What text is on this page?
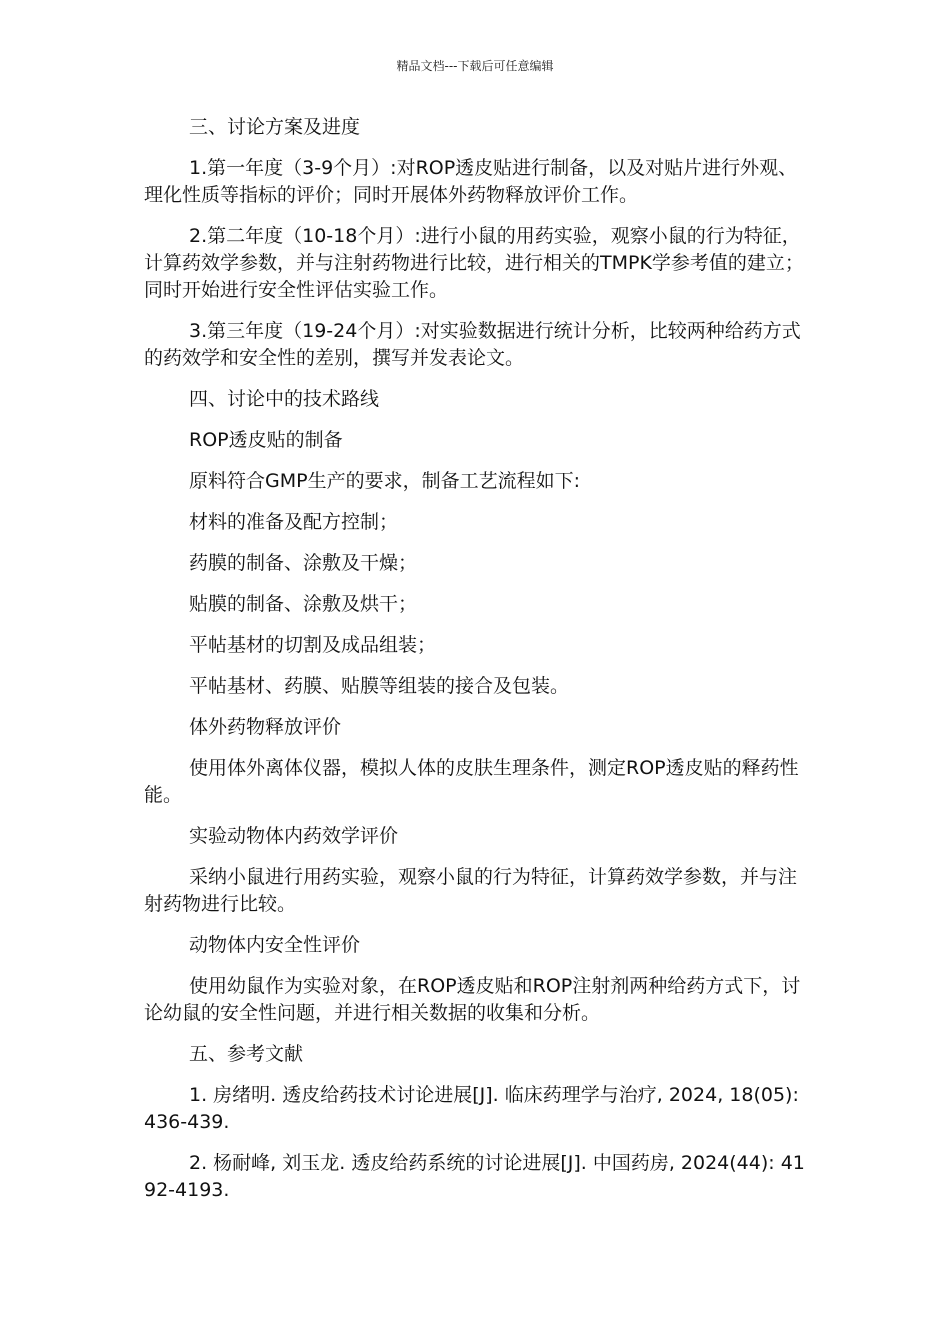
精品文档---下载后可任意编辑

三、讨论方案及进度

1.第一年度（3-9个月）:对ROP透皮贴进行制备，以及对贴片进行外观、理化性质等指标的评价；同时开展体外药物释放评价工作。

2.第二年度（10-18个月）:进行小鼠的用药实验，观察小鼠的行为特征，计算药效学参数，并与注射药物进行比较，进行相关的TMPK学参考值的建立；同时开始进行安全性评估实验工作。

3.第三年度（19-24个月）:对实验数据进行统计分析，比较两种给药方式的药效学和安全性的差别，撰写并发表论文。

四、讨论中的技术路线

ROP透皮贴的制备

原料符合GMP生产的要求，制备工艺流程如下:

材料的准备及配方控制；

药膜的制备、涂敷及干燥；

贴膜的制备、涂敷及烘干；

平帖基材的切割及成品组装；

平帖基材、药膜、贴膜等组装的接合及包装。

体外药物释放评价

使用体外离体仪器，模拟人体的皮肤生理条件，测定ROP透皮贴的释药性能。

实验动物体内药效学评价

采纳小鼠进行用药实验，观察小鼠的行为特征，计算药效学参数，并与注射药物进行比较。

动物体内安全性评价

使用幼鼠作为实验对象，在ROP透皮贴和ROP注射剂两种给药方式下，讨论幼鼠的安全性问题，并进行相关数据的收集和分析。

五、参考文献

1. 房绪明. 透皮给药技术讨论进展[J]. 临床药理学与治疗, 2024, 18(05): 436-439.

2. 杨耐峰, 刘玉龙. 透皮给药系统的讨论进展[J]. 中国药房, 2024(44): 4192-4193.
